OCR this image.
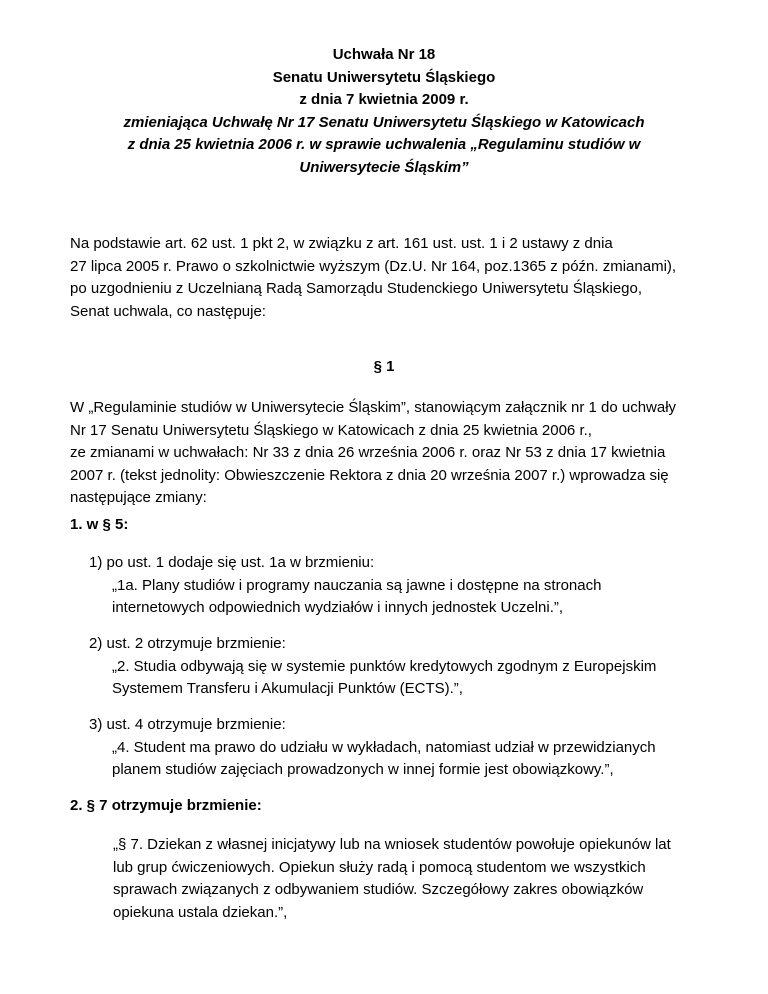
Uchwała Nr 18
Senatu Uniwersytetu Śląskiego
z dnia 7 kwietnia 2009 r.
zmieniająca Uchwałę Nr 17 Senatu Uniwersytetu Śląskiego w Katowicach
z dnia 25 kwietnia 2006 r. w sprawie uchwalenia „Regulaminu studiów w
Uniwersytecie Śląskim”
Na podstawie art. 62 ust. 1 pkt 2, w związku z art. 161 ust. ust. 1 i 2 ustawy z dnia
27 lipca 2005 r. Prawo o szkolnictwie wyższym (Dz.U. Nr 164, poz.1365 z późn. zmianami),
po uzgodnieniu z Uczelnianą Radą Samorządu Studenckiego Uniwersytetu Śląskiego,
Senat uchwala, co następuje:
§ 1
W „Regulaminie studiów w Uniwersytecie Śląskim”, stanowiącym załącznik nr 1 do uchwały
Nr 17 Senatu Uniwersytetu Śląskiego w Katowicach z dnia 25 kwietnia 2006 r.,
ze zmianami w uchwałach: Nr 33 z dnia 26 września 2006 r. oraz Nr 53 z dnia 17 kwietnia
2007 r. (tekst jednolity: Obwieszczenie Rektora z dnia 20 września 2007 r.) wprowadza się
następujące zmiany:
1. w § 5:
1) po ust. 1 dodaje się ust. 1a w brzmieniu:
„1a. Plany studiów i programy nauczania są jawne i dostępne na stronach
internetowych odpowiednich wydziałów i innych jednostek Uczelni.”,
2) ust. 2 otrzymuje brzmienie:
„2. Studia odbywają się w systemie punktów kredytowych zgodnym z Europejskim
Systemem Transferu i Akumulacji Punktów (ECTS).”,
3) ust. 4 otrzymuje brzmienie:
„4. Student ma prawo do udziału w wykładach, natomiast udział w przewidzianych
planem studiów zajęciach prowadzonych w innej formie jest obowiązkowy.”,
2. § 7 otrzymuje brzmienie:
„§ 7. Dziekan z własnej inicjatywy lub na wniosek studentów powołuje opiekunów lat
lub grup ćwiczeniowych. Opiekun służy radą i pomocą studentom we wszystkich
sprawach związanych z odbywaniem studiów. Szczegółowy zakres obowiązków
opiekuna ustala dziekan.”,
